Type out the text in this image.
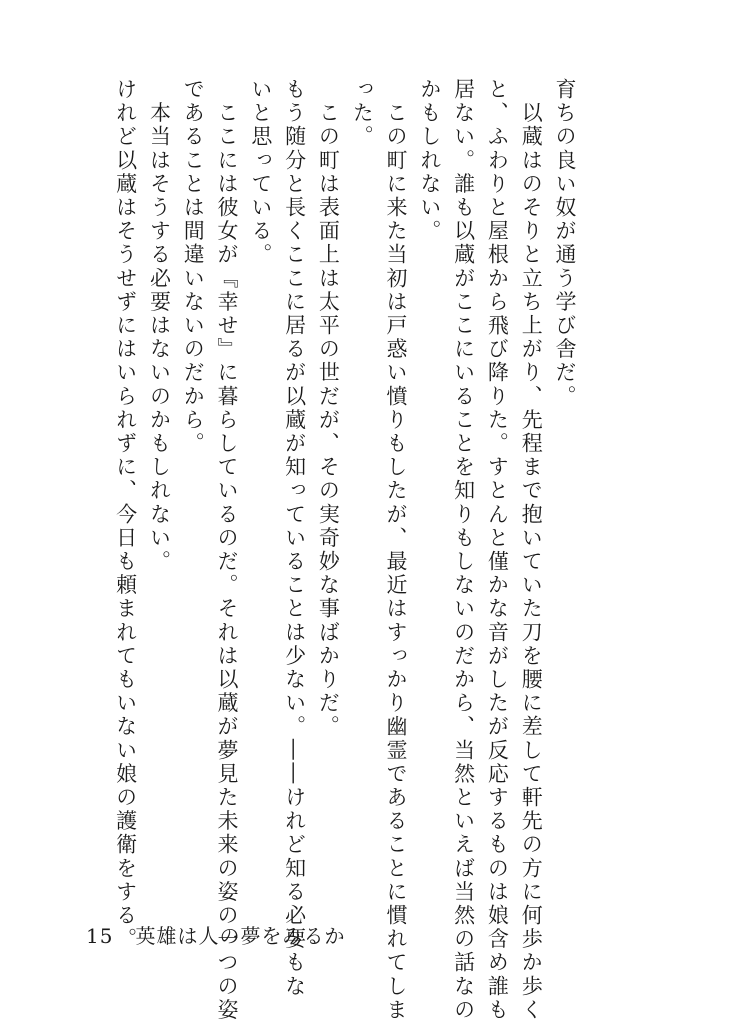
育ちの良い奴が通う学び舎だ。
　以蔵はのそりと立ち上がり、先程まで抱いていた刀を腰に差して軒先の方に何歩か歩く
と、ふわりと屋根から飛び降りた。すとんと僅かな音がしたが反応するものは娘含め誰も
居ない。誰も以蔵がここにいることを知りもしないのだから、当然といえば当然の話なの
かもしれない。
　この町に来た当初は戸惑い憤りもしたが、最近はすっかり幽霊であることに慣れてしま
った。
　この町は表面上は太平の世だが、その実奇妙な事ばかりだ。
もう随分と長くここに居るが以蔵が知っていることは少ない。――けれど知る必要もな
いと思っている。
　ここには彼女が『幸せ』に暮らしているのだ。それは以蔵が夢見た未来の姿の一つの姿
であることは間違いないのだから。
　本当はそうする必要はないのかもしれない。
けれど以蔵はそうせずにはいられずに、今日も頼まれてもいない娘の護衛をする。
15 英雄は人の夢をみるか
